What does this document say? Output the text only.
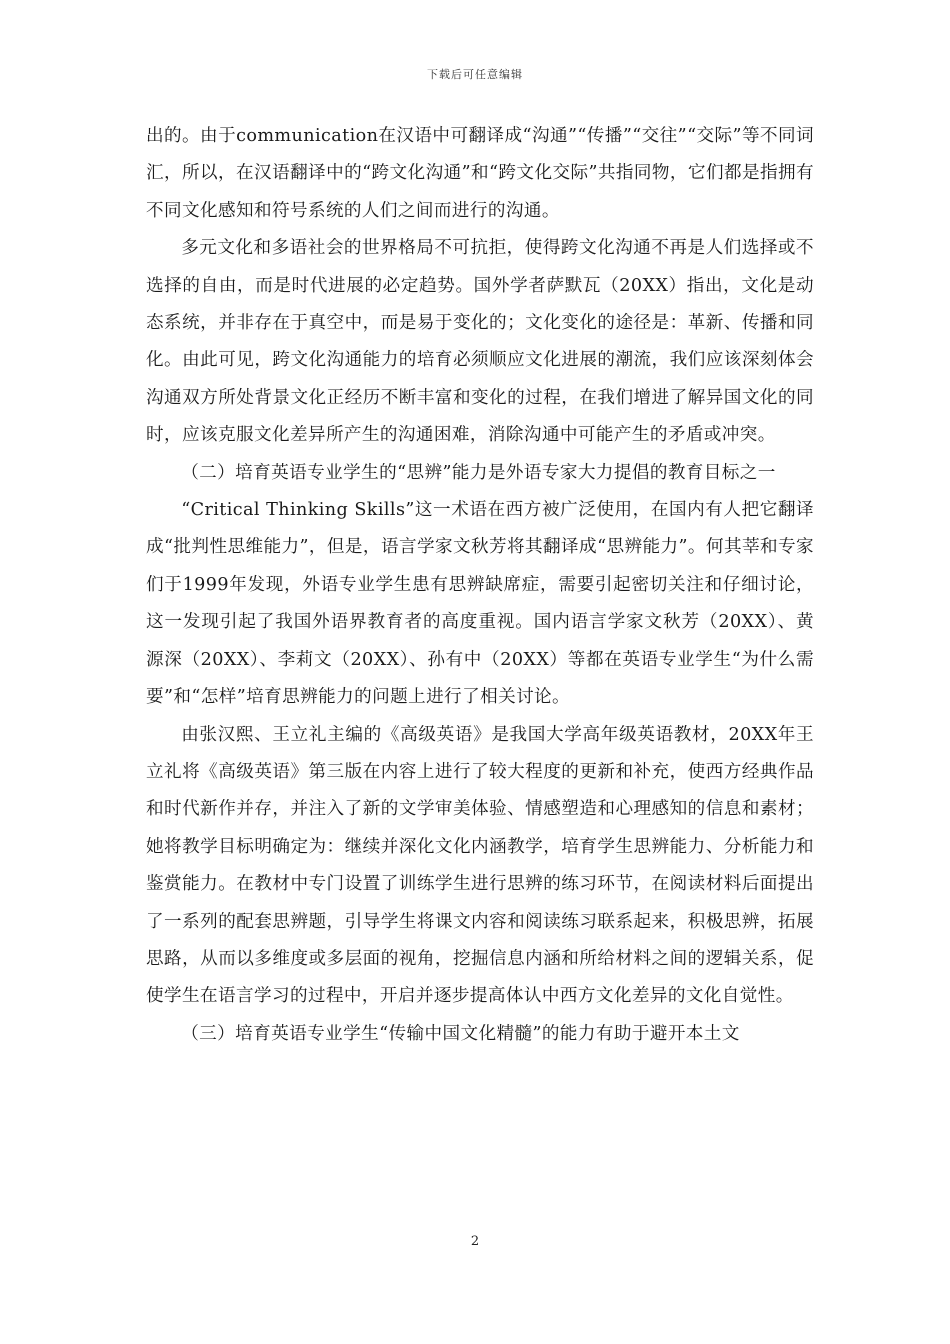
下载后可任意编辑

出的。由于communication在汉语中可翻译成“沟通”“传播”“交往”“交际”等不同词汇，所以，在汉语翻译中的“跨文化沟通”和“跨文化交际”共指同物，它们都是指拥有不同文化感知和符号系统的人们之间而进行的沟通。

多元文化和多语社会的世界格局不可抗拒，使得跨文化沟通不再是人们选择或不选择的自由，而是时代进展的必定趋势。国外学者萨默瓦（20XX）指出，文化是动态系统，并非存在于真空中，而是易于变化的；文化变化的途径是：革新、传播和同化。由此可见，跨文化沟通能力的培育必须顺应文化进展的潮流，我们应该深刻体会沟通双方所处背景文化正经历不断丰富和变化的过程，在我们增进了解异国文化的同时，应该克服文化差异所产生的沟通困难，消除沟通中可能产生的矛盾或冲突。

（二）培育英语专业学生的“思辨”能力是外语专家大力提倡的教育目标之一

“Critical Thinking Skills”这一术语在西方被广泛使用，在国内有人把它翻译成“批判性思维能力”，但是，语言学家文秋芳将其翻译成“思辨能力”。何其莘和专家们于1999年发现，外语专业学生患有思辨缺席症，需要引起密切关注和仔细讨论，这一发现引起了我国外语界教育者的高度重视。国内语言学家文秋芳（20XX）、黄源深（20XX）、李莉文（20XX）、孙有中（20XX）等都在英语专业学生“为什么需要”和“怎样”培育思辨能力的问题上进行了相关讨论。

由张汉熙、王立礼主编的《高级英语》是我国大学高年级英语教材，20XX年王立礼将《高级英语》第三版在内容上进行了较大程度的更新和补充，使西方经典作品和时代新作并存，并注入了新的文学审美体验、情感塑造和心理感知的信息和素材；她将教学目标明确定为：继续并深化文化内涵教学，培育学生思辨能力、分析能力和鉴赏能力。在教材中专门设置了训练学生进行思辨的练习环节，在阅读材料后面提出了一系列的配套思辨题，引导学生将课文内容和阅读练习联系起来，积极思辨，拓展思路，从而以多维度或多层面的视角，挖掘信息内涵和所给材料之间的逻辑关系，促使学生在语言学习的过程中，开启并逐步提高体认中西方文化差异的文化自觉性。

（三）培育英语专业学生“传输中国文化精髓”的能力有助于避开本土文

2
